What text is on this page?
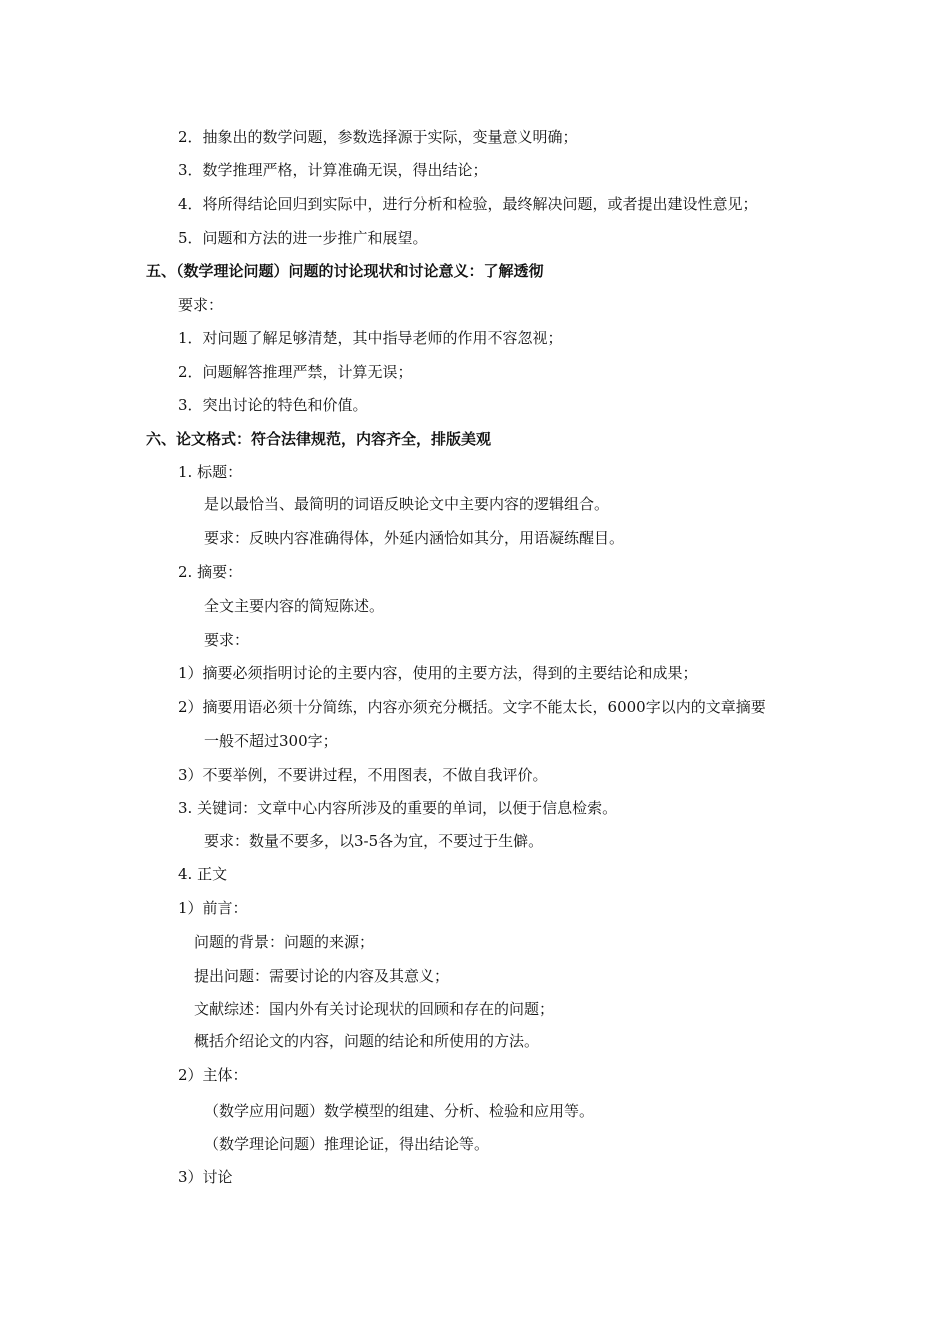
2．抽象出的数学问题，参数选择源于实际，变量意义明确；
3．数学推理严格，计算准确无误，得出结论；
4．将所得结论回归到实际中，进行分析和检验，最终解决问题，或者提出建设性意见；
5．问题和方法的进一步推广和展望。
五、（数学理论问题）问题的讨论现状和讨论意义：了解透彻
要求：
1．对问题了解足够清楚，其中指导老师的作用不容忽视；
2．问题解答推理严禁，计算无误；
3．突出讨论的特色和价值。
六、论文格式：符合法律规范，内容齐全，排版美观
1. 标题：
是以最恰当、最简明的词语反映论文中主要内容的逻辑组合。
要求：反映内容准确得体，外延内涵恰如其分，用语凝练醒目。
2. 摘要：
全文主要内容的简短陈述。
要求：
1）摘要必须指明讨论的主要内容，使用的主要方法，得到的主要结论和成果；
2）摘要用语必须十分简练，内容亦须充分概括。文字不能太长，6000字以内的文章摘要
一般不超过300字；
3）不要举例，不要讲过程，不用图表，不做自我评价。
3. 关键词：文章中心内容所涉及的重要的单词，以便于信息检索。
要求：数量不要多，以3-5各为宜，不要过于生僻。
4. 正文
1）前言：
问题的背景：问题的来源；
提出问题：需要讨论的内容及其意义；
文献综述：国内外有关讨论现状的回顾和存在的问题；
概括介绍论文的内容，问题的结论和所使用的方法。
2）主体：
（数学应用问题）数学模型的组建、分析、检验和应用等。
（数学理论问题）推理论证，得出结论等。
3）讨论
